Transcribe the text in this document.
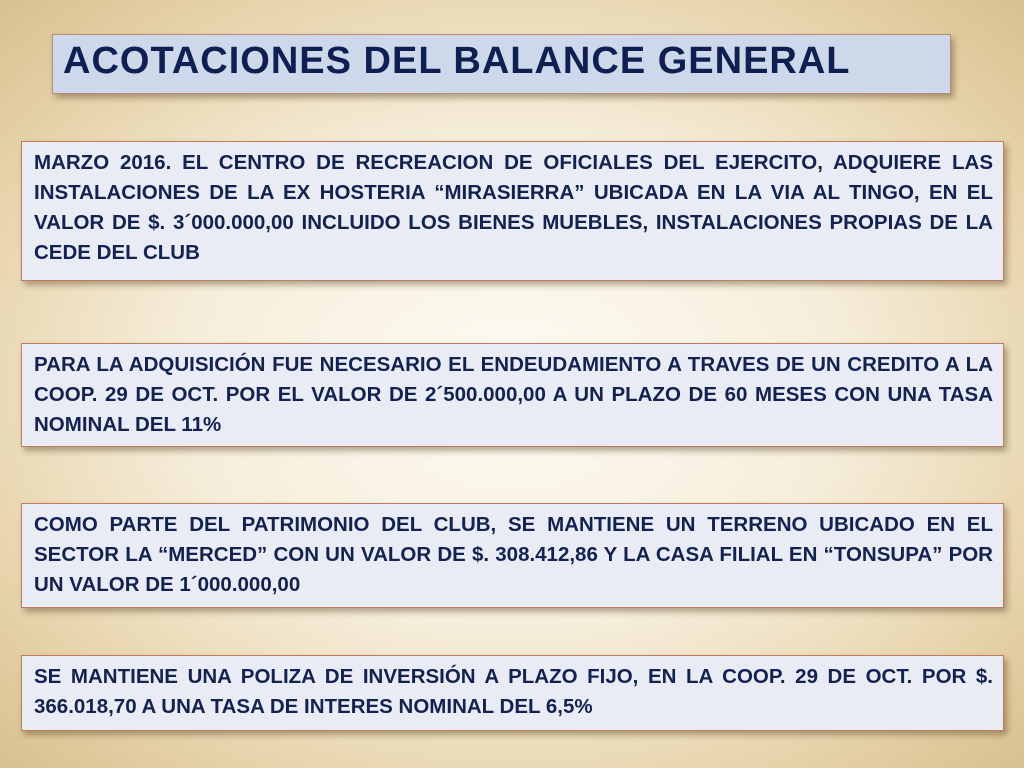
ACOTACIONES DEL BALANCE GENERAL

MARZO 2016. EL CENTRO DE RECREACION DE OFICIALES DEL EJERCITO, ADQUIERE LAS INSTALACIONES DE LA EX HOSTERIA “MIRASIERRA” UBICADA EN LA VIA AL TINGO, EN EL VALOR DE $. 3´000.000,00 INCLUIDO LOS BIENES MUEBLES, INSTALACIONES PROPIAS DE LA CEDE DEL CLUB

PARA LA ADQUISICIÓN FUE NECESARIO EL ENDEUDAMIENTO A TRAVES DE UN CREDITO A LA COOP. 29 DE OCT. POR EL VALOR DE 2´500.000,00 A UN PLAZO DE 60 MESES CON UNA TASA NOMINAL DEL 11%

COMO PARTE DEL PATRIMONIO DEL CLUB, SE MANTIENE UN TERRENO UBICADO EN EL SECTOR LA “MERCED” CON UN VALOR DE $. 308.412,86 Y LA CASA FILIAL EN “TONSUPA” POR UN VALOR DE 1´000.000,00

SE MANTIENE UNA POLIZA DE INVERSIÓN A PLAZO FIJO, EN LA COOP. 29 DE OCT. POR $. 366.018,70 A UNA TASA DE INTERES NOMINAL DEL 6,5%
